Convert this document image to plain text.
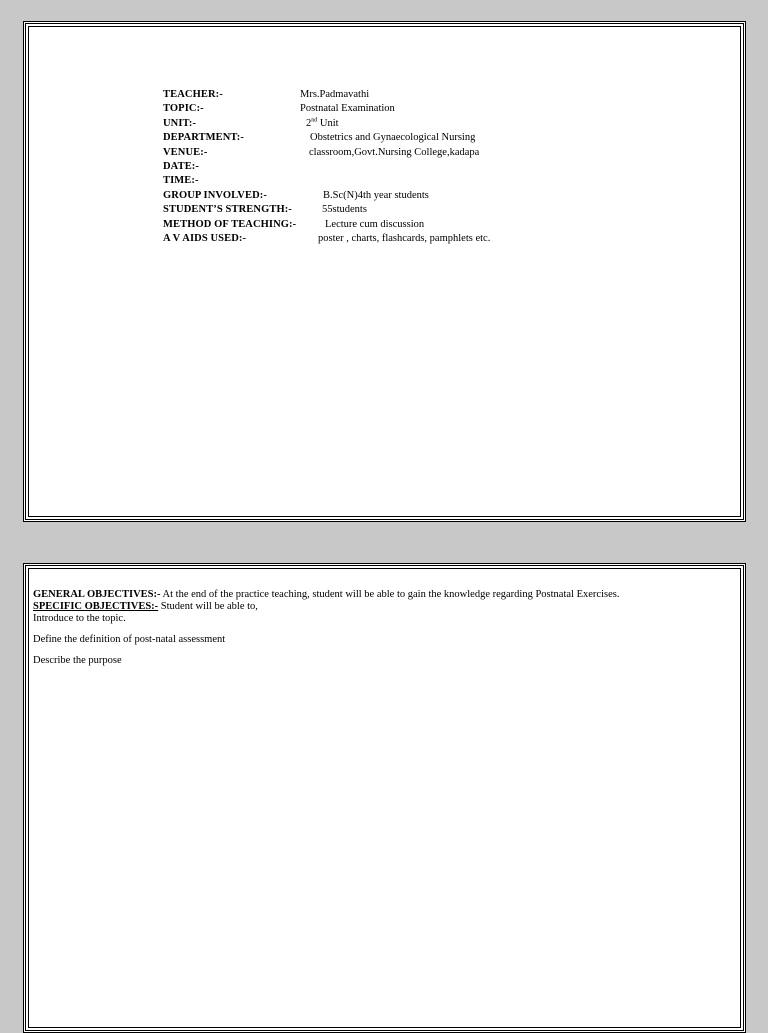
TEACHER:-	Mrs.Padmavathi
TOPIC:-	Postnatal Examination
UNIT:-	2nd Unit
DEPARTMENT:-	Obstetrics and Gynaecological Nursing
VENUE:-	classroom,Govt.Nursing College,kadapa
DATE:-
TIME:-
GROUP INVOLVED:-	B.Sc(N)4th year students
STUDENT’S STRENGTH:-	55students
METHOD OF TEACHING:-	Lecture cum discussion
A V AIDS USED:-	poster , charts, flashcards, pamphlets etc.

GENERAL OBJECTIVES:- At the end of the practice teaching, student will be able to gain the knowledge regarding Postnatal Exercises.

SPECIFIC OBJECTIVES:- Student will be able to,

Introduce to the topic.

Define the definition of post-natal assessment

Describe the purpose
